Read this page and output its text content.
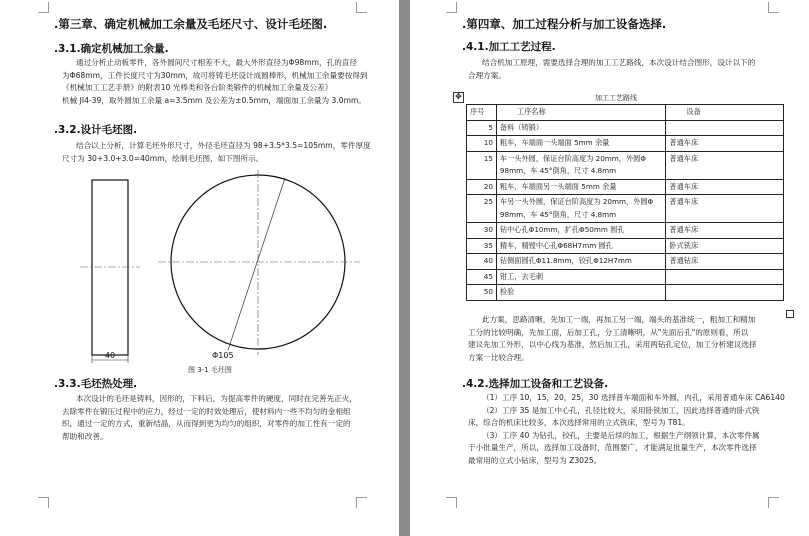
.第三章、确定机械加工余量及毛坯尺寸、设计毛坯图.
.3.1.确定机械加工余量.
通过分析止动板零件，各外圆间尺寸相差不大，最大外形直径为Φ98mm，孔的直径
为Φ68mm，工件长度尺寸为30mm，故可将铸毛坯设计成圆棒形，机械加工余量要按得到
《机械加工工艺手册》的附表10 光棒类和各台阶类锻件的机械加工余量及公差》
机械 JI4-39，取外圆加工余量 a=3.5mm 及公差为±0.5mm，端面加工余量为 3.0mm。
.3.2.设计毛坯图.
结合以上分析，计算毛坯外形尺寸，外径毛坯直径为 98+3.5*3.5=105mm，零件厚度
尺寸为 30+3.0+3.0=40mm，绘制毛坯图，如下图所示。
40	Φ105
图 3-1 毛坯图
.3.3.毛坯热处理.
本次设计的毛坯是铸料，因形的，下料后，为提高零件的硬度，同时在完善先正火，
去除零件在锻压过程中的应力，经过一定的时效处理后，使材料内一些不均匀的金相组
织，通过一定的方式，重新结晶，从而得到更为均匀的组织，对零件的加工性有一定的
帮助和改善。
.第四章、加工过程分析与加工设备选择.
.4.1.加工工艺过程.
结合机加工原理，需要选择合理的加工工艺路线，本次设计结合图形，设计以下的
合理方案。
✥	加工工艺路线
序号	工序名称	设备
5	备料（铸锻）	

10	粗车，车端面一头端面 5mm 余量	普通车床
15	车一头外圆，保证台阶高度为 20mm，外圆Φ
98mm，车 45°倒角，尺寸 4.8mm	普通车床
20	粗车，车端面另一头端面 5mm 余量	普通车床
25	车另一头外圆，保证台阶高度为 20mm，外圆Φ
98mm，车 45°倒角，尺寸 4.8mm	普通车床
30	钻中心孔Φ10mm，扩孔Φ50mm 圆孔	普通车床
35	精车，精镗中心孔Φ68H7mm 圆孔	卧式铣床
40	钻侧面圆孔Φ11.8mm，铰孔Φ12H7mm	普通钻床
45	钳工，去毛刺	

50	检验	

此方案，思路清晰，先加工一端，再加工另一端，端头的基准统一，粗加工和精加
工分的比较明确，先加工面，后加工孔，分工清晰明，从"先面后孔"的原则看，所以
建议先加工外形，以中心线为基准，然后加工孔，采用两钻孔定位，加工分析建议选择
方案一比较合理。
.4.2.选择加工设备和工艺设备.
（1）工序 10，15，20，25，30 选择普车端面和车外圆，内孔，采用普通车床 CA6140
（2）工序 35 是加工中心孔，孔径比较大，采用卧铣加工，因此选择普通的卧式铣
床，综合的机床比较多，本次选择常用的立式铣床，型号为 T81。
（3）工序 40 为钻孔，铰孔，主要是后续的加工，根据生产纲领计算，本次零件属
于小批量生产，所以，选择加工设备时，范围要广，才能满足批量生产，本次零件选择
最常用的立式小钻床，型号为 Z3025。
